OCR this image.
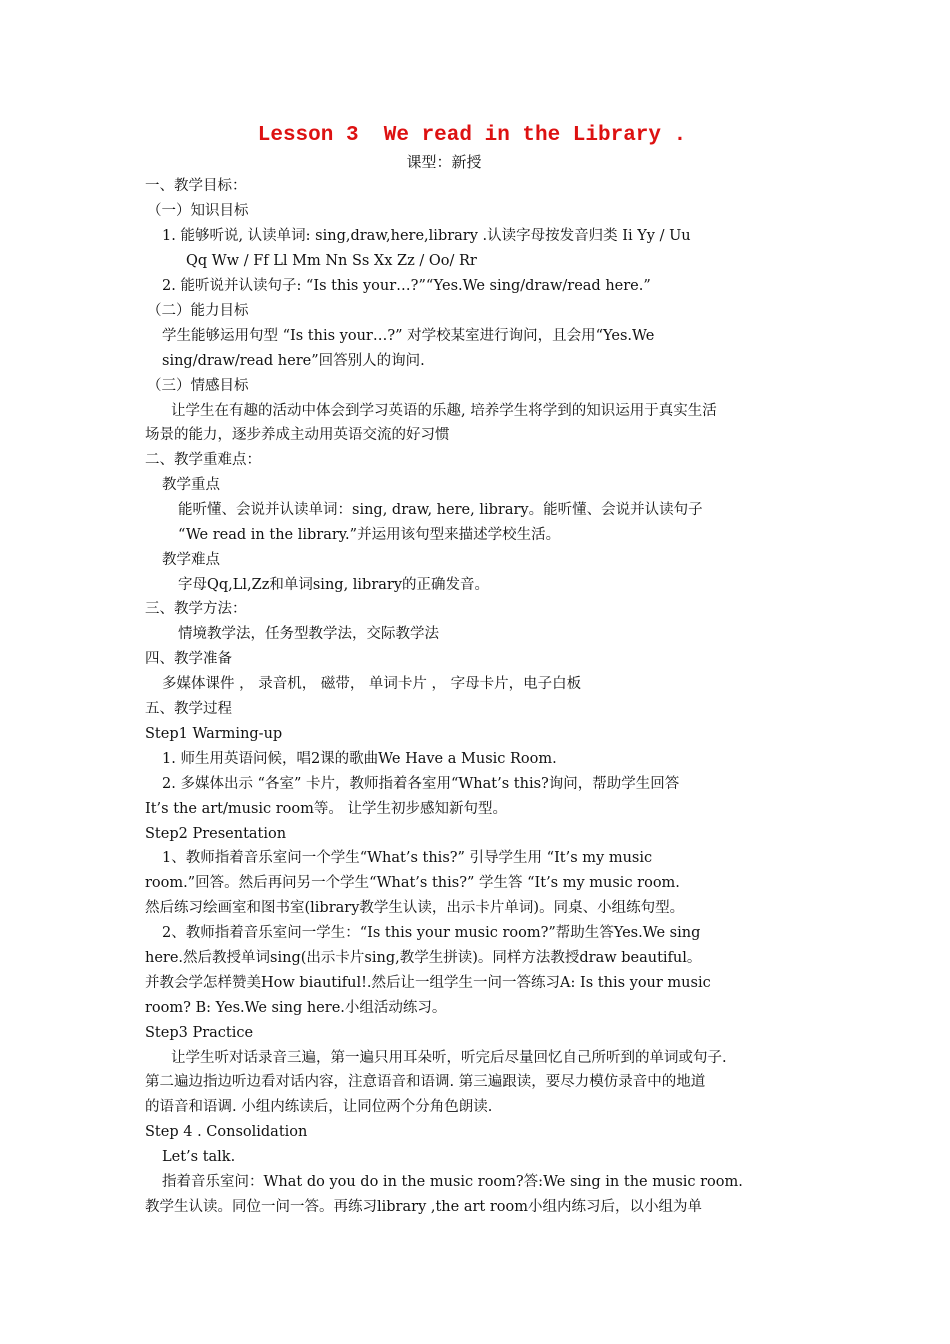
Lesson 3  We read in the Library .
课型：新授
一、教学目标：
（一）知识目标
1. 能够听说, 认读单词: sing,draw,here,library .认读字母按发音归类 Ii Yy / Uu
Qq Ww / Ff Ll Mm Nn Ss Xx Zz / Oo/ Rr
2. 能听说并认读句子: “Is this your…?”“Yes.We sing/draw/read here.”
（二）能力目标
学生能够运用句型 “Is this your…?” 对学校某室进行询问，且会用“Yes.We
sing/draw/read here”回答别人的询问.
（三）情感目标
让学生在有趣的活动中体会到学习英语的乐趣, 培养学生将学到的知识运用于真实生活
场景的能力，逐步养成主动用英语交流的好习惯
二、教学重难点：
教学重点
能听懂、会说并认读单词：sing, draw, here, library。能听懂、会说并认读句子
“We read in the library.”并运用该句型来描述学校生活。
教学难点
字母Qq,Ll,Zz和单词sing, library的正确发音。
三、教学方法：
情境教学法，任务型教学法，交际教学法
四、教学准备
多媒体课件 ， 录音机， 磁带， 单词卡片 ， 字母卡片，电子白板
五、教学过程
Step1 Warming-up
1. 师生用英语问候，唱2课的歌曲We Have a Music Room.
2. 多媒体出示 “各室” 卡片，教师指着各室用“What’s this?询问，帮助学生回答
It’s the art/music room等。 让学生初步感知新句型。
Step2 Presentation
1、教师指着音乐室问一个学生“What’s this?” 引导学生用 “It’s my music
room.”回答。然后再问另一个学生“What’s this?” 学生答 “It’s my music room.
然后练习绘画室和图书室(library教学生认读，出示卡片单词)。同桌、小组练句型。
2、教师指着音乐室问一学生：“Is this your music room?”帮助生答Yes.We sing
here.然后教授单词sing(出示卡片sing,教学生拼读)。同样方法教授draw beautiful。
并教会学怎样赞美How biautiful!.然后让一组学生一问一答练习A: Is this your music
room? B: Yes.We sing here.小组活动练习。
Step3 Practice
让学生听对话录音三遍，第一遍只用耳朵听，听完后尽量回忆自己所听到的单词或句子.
第二遍边指边听边看对话内容，注意语音和语调. 第三遍跟读，要尽力模仿录音中的地道
的语音和语调. 小组内练读后，让同位两个分角色朗读.
Step 4 . Consolidation
Let’s talk.
指着音乐室问：What do you do in the music room?答:We sing in the music room.
教学生认读。同位一问一答。再练习library ,the art room小组内练习后，以小组为单
